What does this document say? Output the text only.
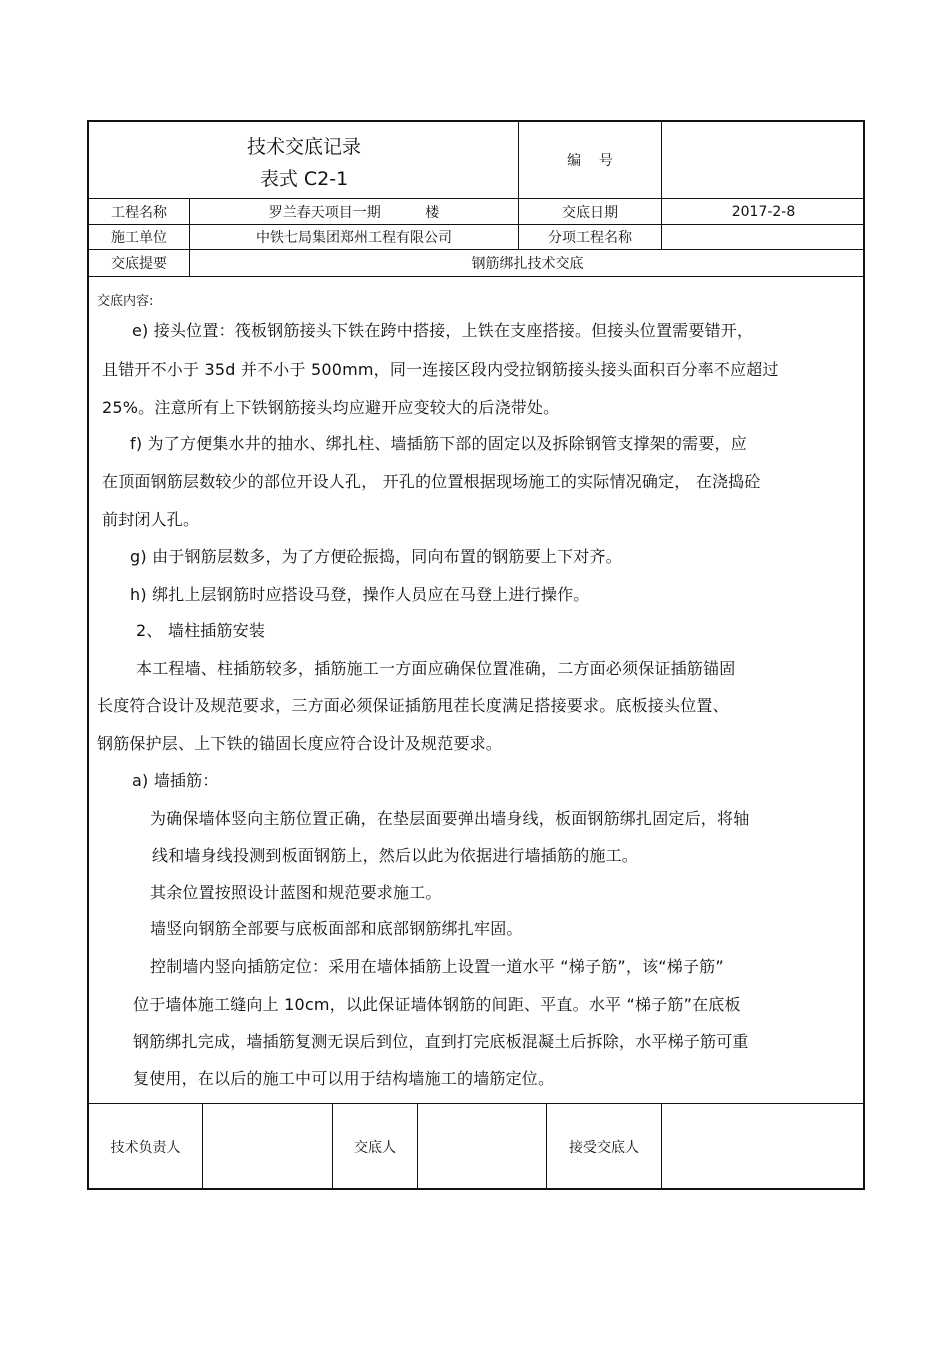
技术交底记录
表式 C2-1
编    号
工程名称	罗兰春天项目一期          楼	交底日期	2017-2-8
施工单位	中铁七局集团郑州工程有限公司	分项工程名称
交底提要	钢筋绑扎技术交底
交底内容:
e) 接头位置：筏板钢筋接头下铁在跨中搭接，上铁在支座搭接。但接头位置需要错开，
且错开不小于 35d 并不小于 500mm，同一连接区段内受拉钢筋接头接头面积百分率不应超过
25%。注意所有上下铁钢筋接头均应避开应变较大的后浇带处。
f) 为了方便集水井的抽水、绑扎柱、墙插筋下部的固定以及拆除钢管支撑架的需要，应
在顶面钢筋层数较少的部位开设人孔， 开孔的位置根据现场施工的实际情况确定， 在浇捣砼
前封闭人孔。
g) 由于钢筋层数多，为了方便砼振捣，同向布置的钢筋要上下对齐。
h) 绑扎上层钢筋时应搭设马登，操作人员应在马登上进行操作。
2、 墙柱插筋安装
本工程墙、柱插筋较多，插筋施工一方面应确保位置准确，二方面必须保证插筋锚固
长度符合设计及规范要求，三方面必须保证插筋甩茬长度满足搭接要求。底板接头位置、
钢筋保护层、上下铁的锚固长度应符合设计及规范要求。
a) 墙插筋：
为确保墙体竖向主筋位置正确，在垫层面要弹出墙身线，板面钢筋绑扎固定后，将轴
线和墙身线投测到板面钢筋上，然后以此为依据进行墙插筋的施工。
其余位置按照设计蓝图和规范要求施工。
墙竖向钢筋全部要与底板面部和底部钢筋绑扎牢固。
控制墙内竖向插筋定位：采用在墙体插筋上设置一道水平 “梯子筋”，该“梯子筋”
位于墙体施工缝向上 10cm，以此保证墙体钢筋的间距、平直。水平 “梯子筋”在底板
钢筋绑扎完成，墙插筋复测无误后到位，直到打完底板混凝土后拆除，水平梯子筋可重
复使用，在以后的施工中可以用于结构墙施工的墙筋定位。
技术负责人	交底人	接受交底人
